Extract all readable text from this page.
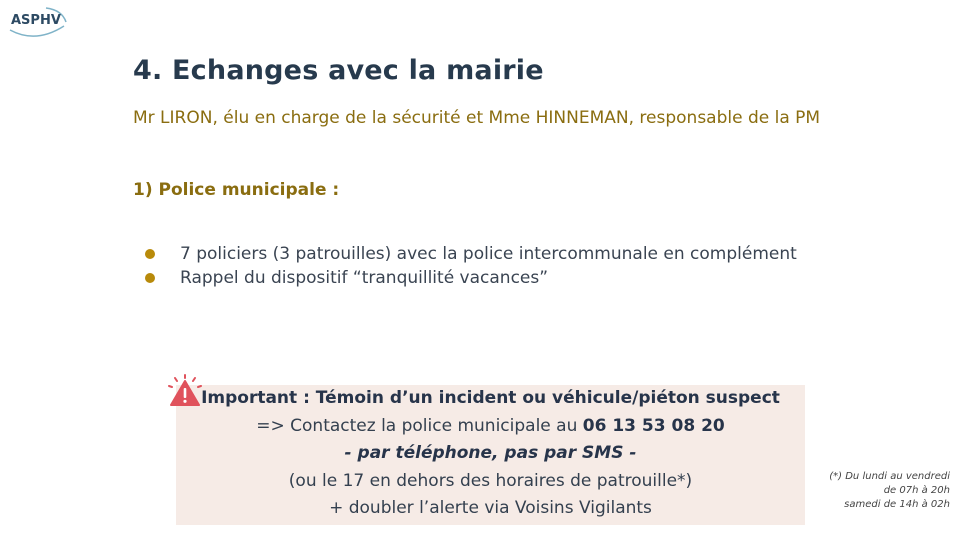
ASPHV
4. Echanges avec la mairie
Mr LIRON, élu en charge de la sécurité et Mme HINNEMAN, responsable de la PM
1) Police municipale :
7 policiers (3 patrouilles) avec la police intercommunale en complément
Rappel du dispositif “tranquillité vacances”
Important : Témoin d’un incident ou véhicule/piéton suspect
=> Contactez la police municipale au 06 13 53 08 20
- par téléphone, pas par SMS -
(ou le 17 en dehors des horaires de patrouille*)
+ doubler l’alerte via Voisins Vigilants
(*) Du lundi au vendredi
de 07h à 20h
samedi de 14h à 02h
